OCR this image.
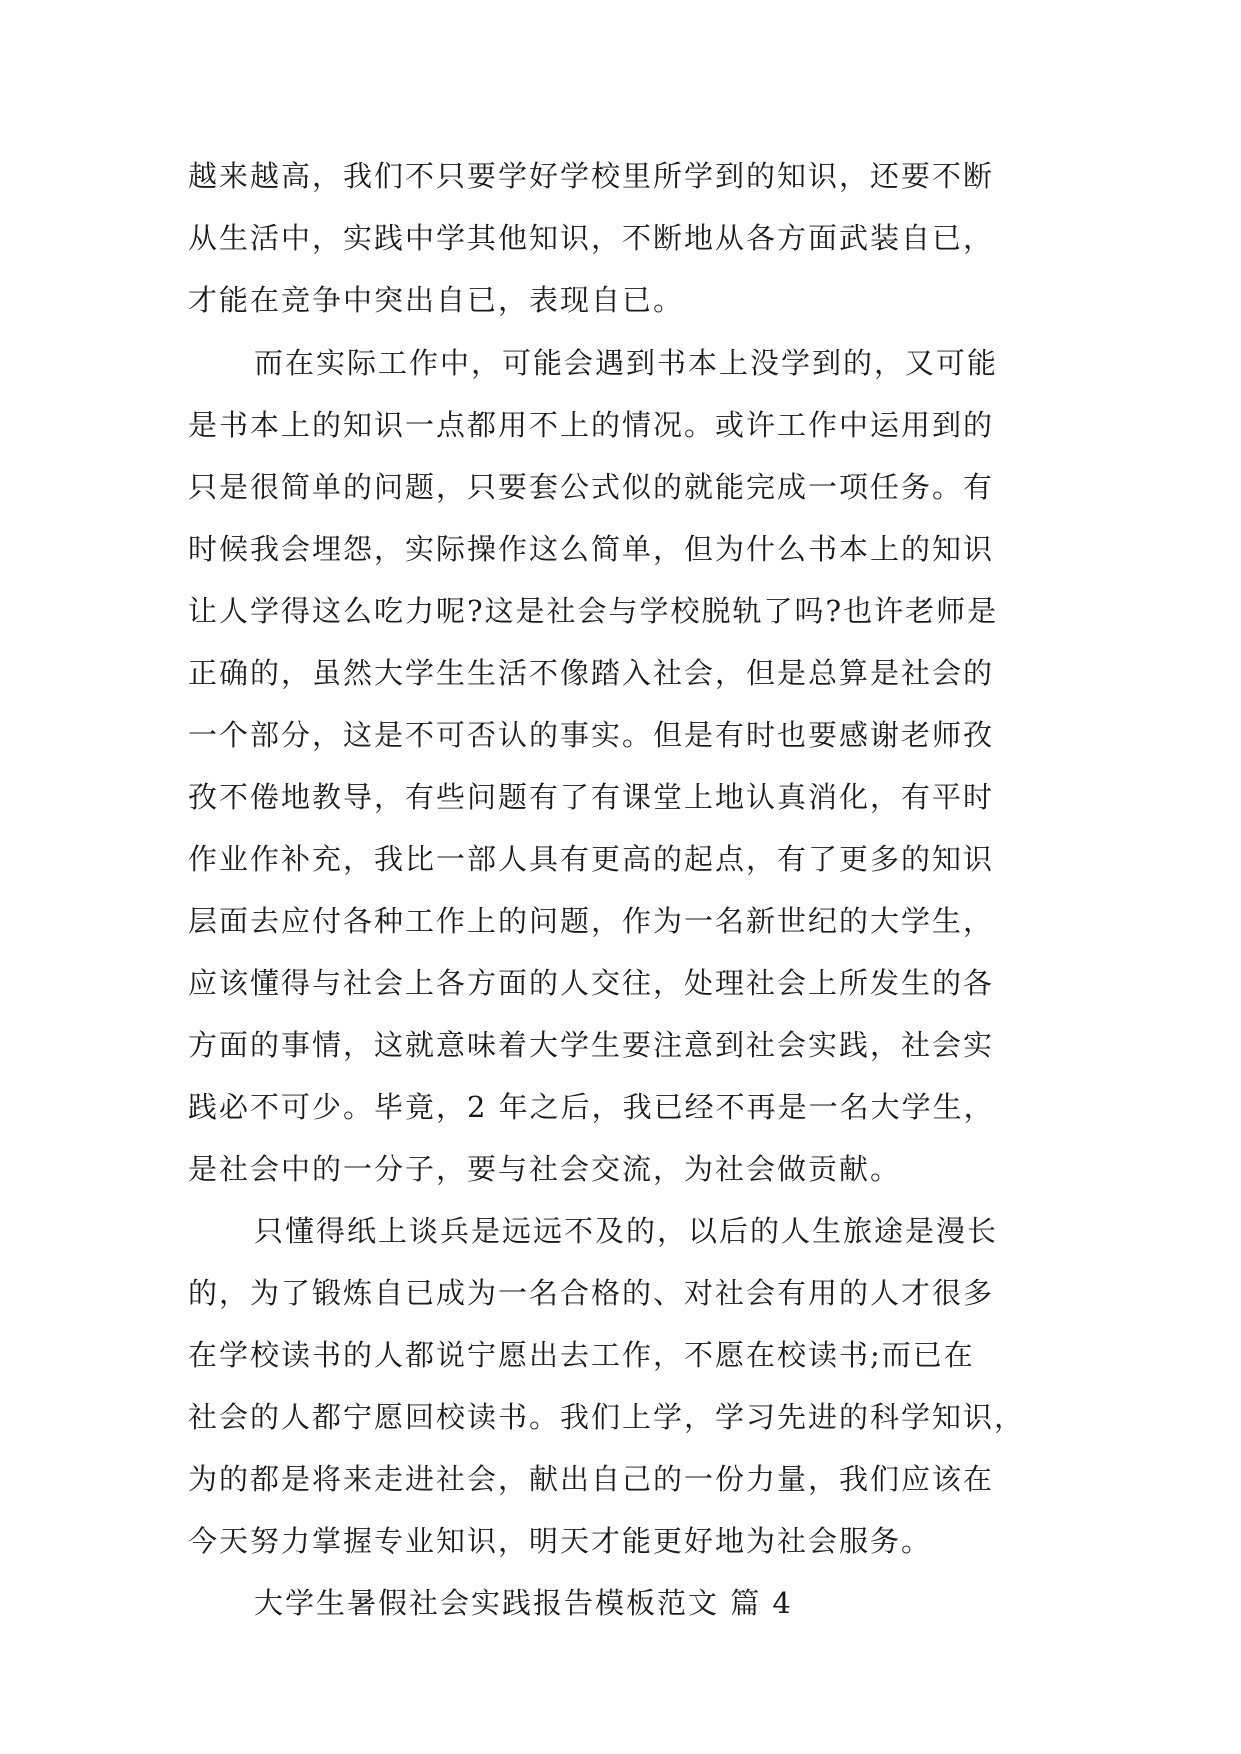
越来越高，我们不只要学好学校里所学到的知识，还要不断

从生活中，实践中学其他知识，不断地从各方面武装自已，

才能在竞争中突出自已，表现自已。

而在实际工作中，可能会遇到书本上没学到的，又可能

是书本上的知识一点都用不上的情况。或许工作中运用到的

只是很简单的问题，只要套公式似的就能完成一项任务。有

时候我会埋怨，实际操作这么简单，但为什么书本上的知识

让人学得这么吃力呢?这是社会与学校脱轨了吗?也许老师是

正确的，虽然大学生生活不像踏入社会，但是总算是社会的

一个部分，这是不可否认的事实。但是有时也要感谢老师孜

孜不倦地教导，有些问题有了有课堂上地认真消化，有平时

作业作补充，我比一部人具有更高的起点，有了更多的知识

层面去应付各种工作上的问题，作为一名新世纪的大学生，

应该懂得与社会上各方面的人交往，处理社会上所发生的各

方面的事情，这就意味着大学生要注意到社会实践，社会实

践必不可少。毕竟，2 年之后，我已经不再是一名大学生，

是社会中的一分子，要与社会交流，为社会做贡献。

只懂得纸上谈兵是远远不及的，以后的人生旅途是漫长

的，为了锻炼自已成为一名合格的、对社会有用的人才很多

在学校读书的人都说宁愿出去工作，不愿在校读书;而已在

社会的人都宁愿回校读书。我们上学，学习先进的科学知识，

为的都是将来走进社会，献出自己的一份力量，我们应该在

今天努力掌握专业知识，明天才能更好地为社会服务。

大学生暑假社会实践报告模板范文 篇 4
